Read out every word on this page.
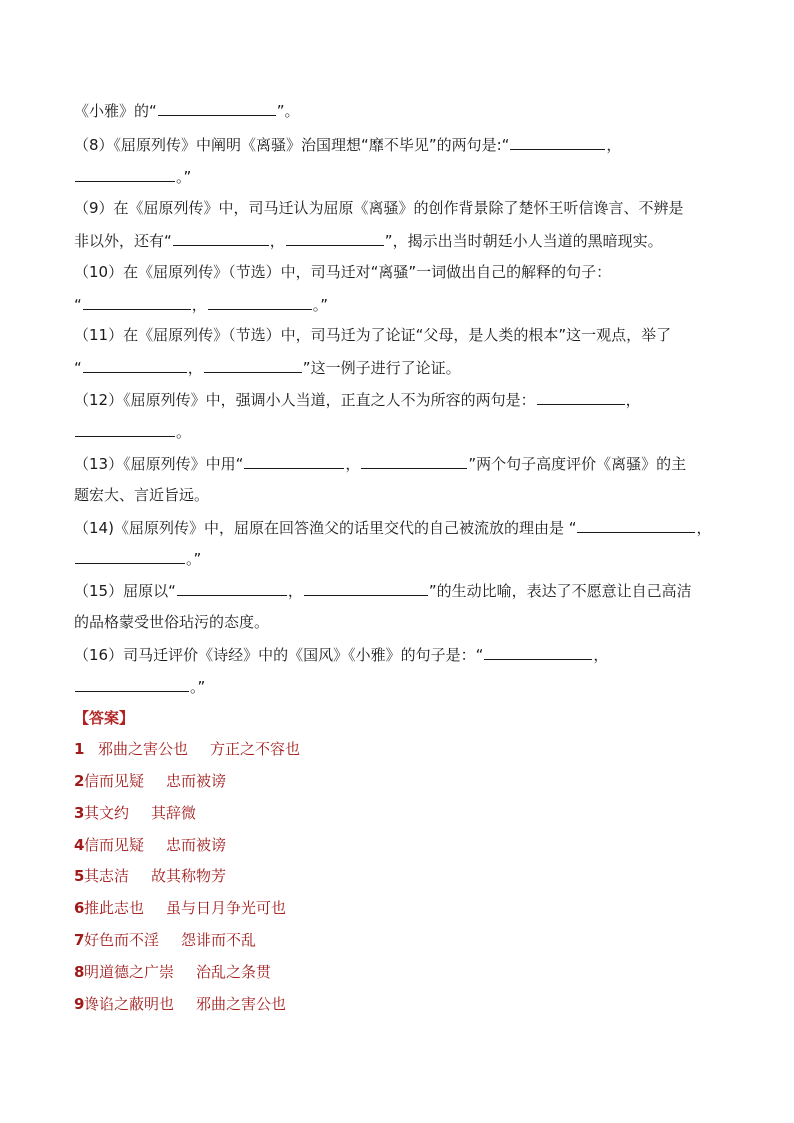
《小雅》的“	”。
（8）《屈原列传》中阐明《离骚》治国理想“靡不毕见”的两句是:“	，
。”
（9）在《屈原列传》中，司马迁认为屈原《离骚》的创作背景除了楚怀王听信谗言、不辨是
非以外，还有“	，	”，揭示出当时朝廷小人当道的黑暗现实。
（10）在《屈原列传》（节选）中，司马迁对“离骚”一词做出自己的解释的句子：
“	，	。”
（11）在《屈原列传》（节选）中，司马迁为了论证“父母，是人类的根本”这一观点，举了
“	，	”这一例子进行了论证。
（12）《屈原列传》中，强调小人当道，正直之人不为所容的两句是：	，
。
（13）《屈原列传》中用“	，	”两个句子高度评价《离骚》的主
题宏大、言近旨远。
（14)《屈原列传》中，屈原在回答渔父的话里交代的自己被流放的理由是 “	，
。”
（15）屈原以“	，	”的生动比喻，表达了不愿意让自己高洁
的品格蒙受世俗玷污的态度。
（16）司马迁评价《诗经》中的《国风》《小雅》的句子是：“	，
。”
【答案】
1 邪曲之害公也 方正之不容也
2信而见疑 忠而被谤
3其文约 其辞微
4信而见疑 忠而被谤
5其志洁 故其称物芳
6推此志也 虽与日月争光可也
7好色而不淫 怨诽而不乱
8明道德之广崇 治乱之条贯
9谗谄之蔽明也 邪曲之害公也
